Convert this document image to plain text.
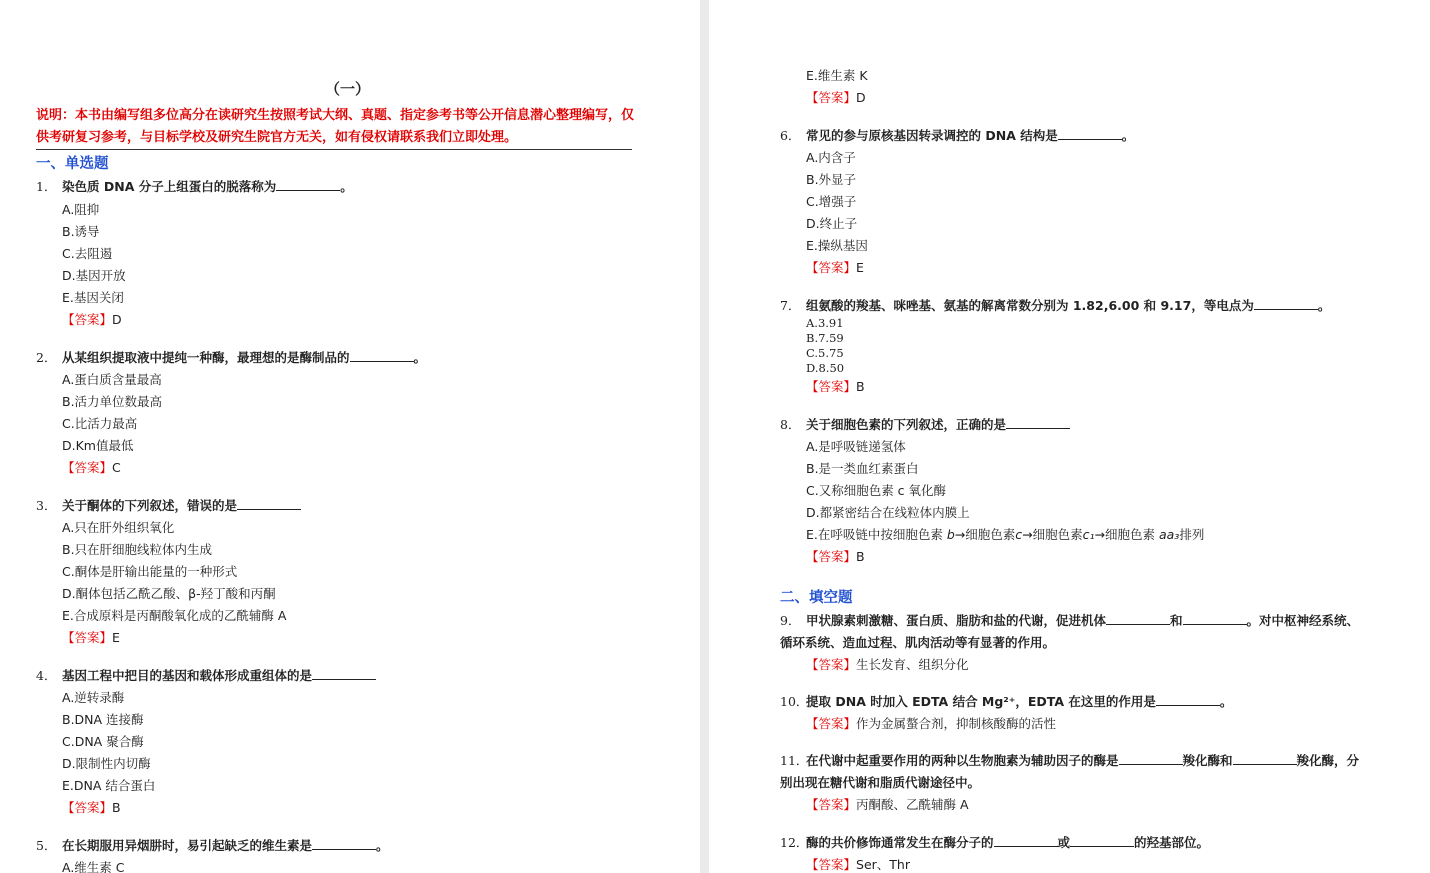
（一）
说明：本书由编写组多位高分在读研究生按照考试大纲、真题、指定参考书等公开信息潜心整理编写，仅
供考研复习参考，与目标学校及研究生院官方无关，如有侵权请联系我们立即处理。
一、单选题
1． 染色质 DNA 分子上组蛋白的脱落称为	。
A.阻抑
B.诱导
C.去阻遏
D.基因开放
E.基因关闭
【答案】D
2． 从某组织提取液中提纯一种酶，最理想的是酶制品的	。
A.蛋白质含量最高
B.活力单位数最高
C.比活力最高
D.Km值最低
【答案】C
3． 关于酮体的下列叙述，错误的是
A.只在肝外组织氧化
B.只在肝细胞线粒体内生成
C.酮体是肝输出能量的一种形式
D.酮体包括乙酰乙酸、β-羟丁酸和丙酮
E.合成原料是丙酮酸氧化成的乙酰辅酶 A
【答案】E
4． 基因工程中把目的基因和载体形成重组体的是
A.逆转录酶
B.DNA 连接酶
C.DNA 聚合酶
D.限制性内切酶
E.DNA 结合蛋白
【答案】B
5． 在长期服用异烟肼时，易引起缺乏的维生素是	。
A.维生素 C
E.维生素 K
【答案】D
6． 常见的参与原核基因转录调控的 DNA 结构是	。
A.内含子
B.外显子
C.增强子
D.终止子
E.操纵基因
【答案】E
7． 组氨酸的羧基、咪唑基、氨基的解离常数分别为 1.82,6.00 和 9.17，等电点为	。
A.3.91
B.7.59
C.5.75
D.8.50
【答案】B
8． 关于细胞色素的下列叙述，正确的是
A.是呼吸链递氢体
B.是一类血红素蛋白
C.又称细胞色素 c 氧化酶
D.都紧密结合在线粒体内膜上
E.在呼吸链中按细胞色素 b→细胞色素c→细胞色素c₁→细胞色素 aa₃排列
【答案】B
二、填空题
9． 甲状腺素刺激糖、蛋白质、脂肪和盐的代谢，促进机体	和	。对中枢神经系统、
循环系统、造血过程、肌肉活动等有显著的作用。
【答案】生长发育、组织分化
10．提取 DNA 时加入 EDTA 结合 Mg²⁺，EDTA 在这里的作用是	。
【答案】作为金属螯合剂，抑制核酸酶的活性
11．在代谢中起重要作用的两种以生物胞素为辅助因子的酶是	羧化酶和	羧化酶，分
别出现在糖代谢和脂质代谢途径中。
【答案】丙酮酸、乙酰辅酶 A
12．酶的共价修饰通常发生在酶分子的	或	的羟基部位。
【答案】Ser、Thr
